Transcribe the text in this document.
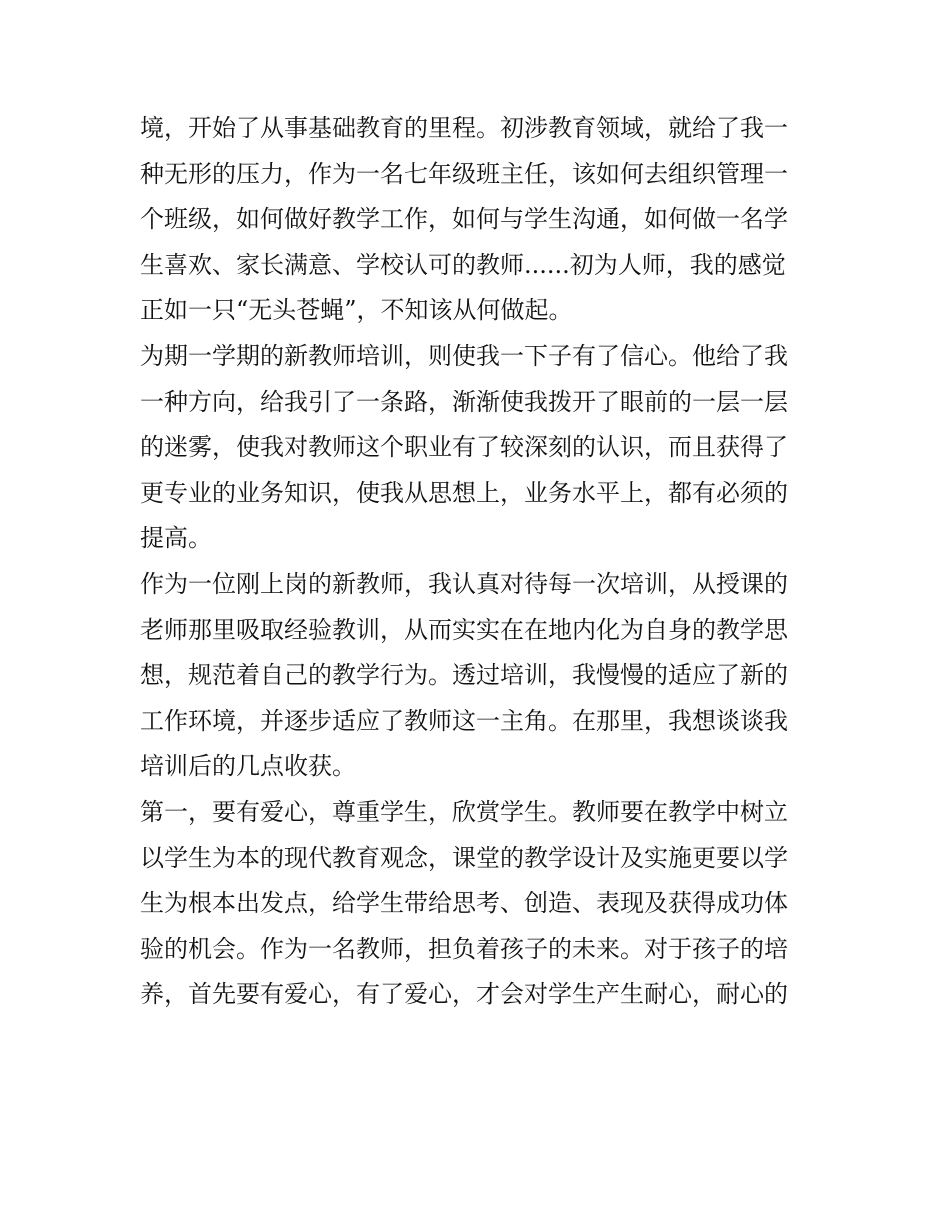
境，开始了从事基础教育的里程。初涉教育领域，就给了我一
种无形的压力，作为一名七年级班主任，该如何去组织管理一
个班级，如何做好教学工作，如何与学生沟通，如何做一名学
生喜欢、家长满意、学校认可的教师......初为人师，我的感觉
正如一只“无头苍蝇”，不知该从何做起。
为期一学期的新教师培训，则使我一下子有了信心。他给了我
一种方向，给我引了一条路，渐渐使我拨开了眼前的一层一层
的迷雾，使我对教师这个职业有了较深刻的认识，而且获得了
更专业的业务知识，使我从思想上，业务水平上，都有必须的
提高。
作为一位刚上岗的新教师，我认真对待每一次培训，从授课的
老师那里吸取经验教训，从而实实在在地内化为自身的教学思
想，规范着自己的教学行为。透过培训，我慢慢的适应了新的
工作环境，并逐步适应了教师这一主角。在那里，我想谈谈我
培训后的几点收获。
第一，要有爱心，尊重学生，欣赏学生。教师要在教学中树立
以学生为本的现代教育观念，课堂的教学设计及实施更要以学
生为根本出发点，给学生带给思考、创造、表现及获得成功体
验的机会。作为一名教师，担负着孩子的未来。对于孩子的培
养，首先要有爱心，有了爱心，才会对学生产生耐心，耐心的
